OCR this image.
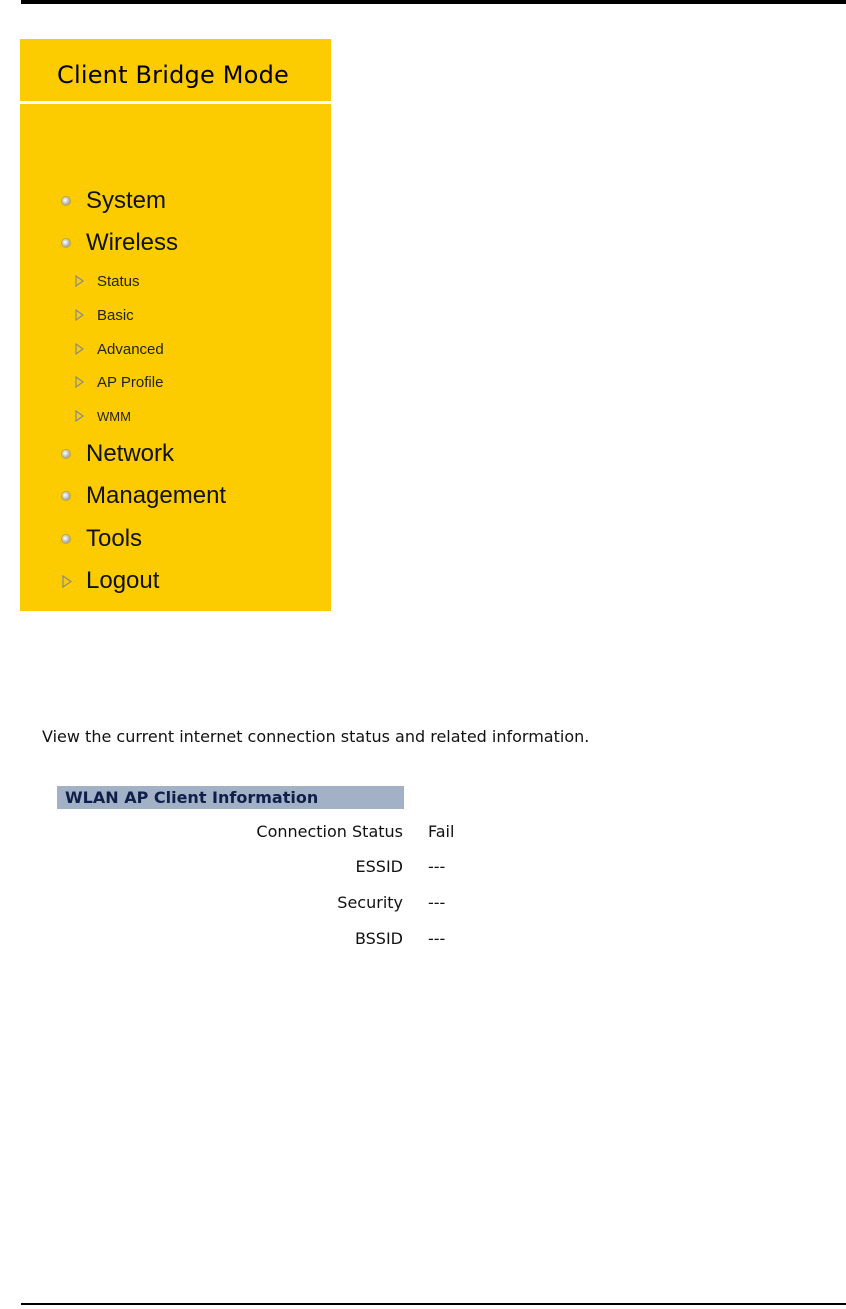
Client Bridge Mode
System
Wireless
Status
Basic
Advanced
AP Profile
WMM
Network
Management
Tools
Logout

View the current internet connection status and related information.

WLAN AP Client Information
Connection Status Fail
ESSID ---
Security ---
BSSID ---
